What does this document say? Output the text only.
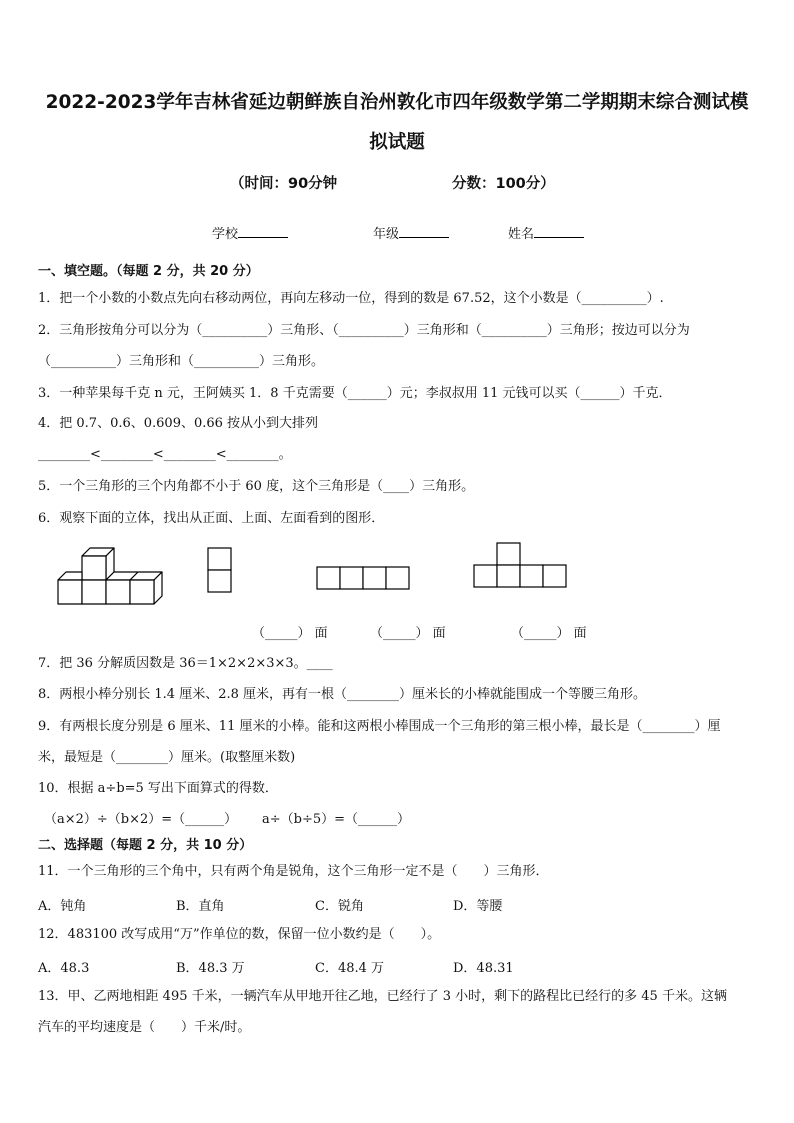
2022-2023学年吉林省延边朝鲜族自治州敦化市四年级数学第二学期期末综合测试模
拟试题
（时间：90分钟	分数：100分）
学校	年级	姓名
一、填空题。（每题 2 分，共 20 分）
1．把一个小数的小数点先向右移动两位，再向左移动一位，得到的数是 67.52，这个小数是（__________）.
2．三角形按角分可以分为（__________）三角形、（__________）三角形和（__________）三角形；按边可以分为
（__________）三角形和（__________）三角形。
3．一种苹果每千克 n 元，王阿姨买 1．8 千克需要（______）元；李叔叔用 11 元钱可以买（______）千克．
4．把 0.7、0.6、0.609、0.66 按从小到大排列
________<________<________<________。
5．一个三角形的三个内角都不小于 60 度，这个三角形是（____）三角形。
6．观察下面的立体，找出从正面、上面、左面看到的图形．
（_____） 面	（_____） 面	（_____） 面
7．把 36 分解质因数是 36＝1×2×2×3×3。____
8．两根小棒分别长 1.4 厘米、2.8 厘米，再有一根（________）厘米长的小棒就能围成一个等腰三角形。
9．有两根长度分别是 6 厘米、11 厘米的小棒。能和这两根小棒围成一个三角形的第三根小棒，最长是（________）厘
米，最短是（________）厘米。(取整厘米数)
10．根据 a÷b=5 写出下面算式的得数．
（a×2）÷（b×2）=（______） a÷（b÷5）=（______）
二、选择题（每题 2 分，共 10 分）
11．一个三角形的三个角中，只有两个角是锐角，这个三角形一定不是（　　）三角形．
A．钝角	B．直角	C．锐角	D．等腰
12．483100 改写成用“万”作单位的数，保留一位小数约是（　　）。
A．48.3	B．48.3 万	C．48.4 万	D．48.31
13．甲、乙两地相距 495 千米，一辆汽车从甲地开往乙地，已经行了 3 小时，剩下的路程比已经行的多 45 千米。这辆
汽车的平均速度是（　　）千米/时。
